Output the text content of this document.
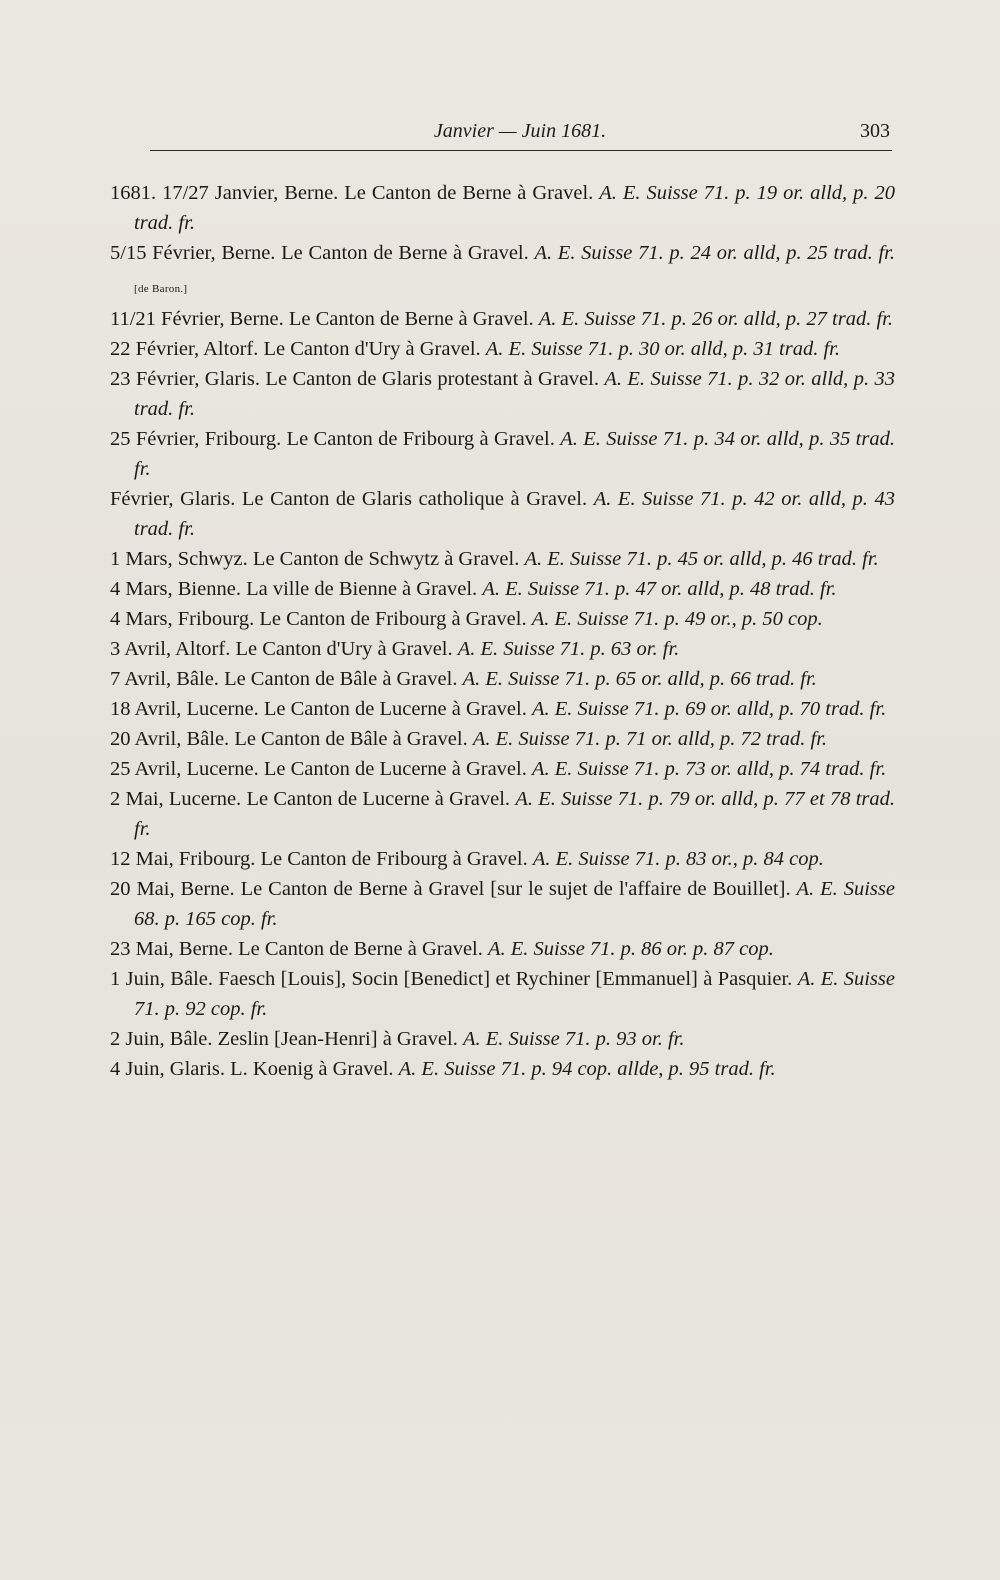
Janvier — Juin 1681.	303

1681. 17/27 Janvier, Berne. Le Canton de Berne à Gravel. A. E. Suisse 71. p. 19 or. alld, p. 20 trad. fr.

5/15 Février, Berne. Le Canton de Berne à Gravel. A. E. Suisse 71. p. 24 or. alld, p. 25 trad. fr. [de Baron.]

11/21 Février, Berne. Le Canton de Berne à Gravel. A. E. Suisse 71. p. 26 or. alld, p. 27 trad. fr.

22 Février, Altorf. Le Canton d'Ury à Gravel. A. E. Suisse 71. p. 30 or. alld, p. 31 trad. fr.

23 Février, Glaris. Le Canton de Glaris protestant à Gravel. A. E. Suisse 71. p. 32 or. alld, p. 33 trad. fr.

25 Février, Fribourg. Le Canton de Fribourg à Gravel. A. E. Suisse 71. p. 34 or. alld, p. 35 trad. fr.

Février, Glaris. Le Canton de Glaris catholique à Gravel. A. E. Suisse 71. p. 42 or. alld, p. 43 trad. fr.

1 Mars, Schwyz. Le Canton de Schwytz à Gravel. A. E. Suisse 71. p. 45 or. alld, p. 46 trad. fr.

4 Mars, Bienne. La ville de Bienne à Gravel. A. E. Suisse 71. p. 47 or. alld, p. 48 trad. fr.

4 Mars, Fribourg. Le Canton de Fribourg à Gravel. A. E. Suisse 71. p. 49 or., p. 50 cop.

3 Avril, Altorf. Le Canton d'Ury à Gravel. A. E. Suisse 71. p. 63 or. fr.

7 Avril, Bâle. Le Canton de Bâle à Gravel. A. E. Suisse 71. p. 65 or. alld, p. 66 trad. fr.

18 Avril, Lucerne. Le Canton de Lucerne à Gravel. A. E. Suisse 71. p. 69 or. alld, p. 70 trad. fr.

20 Avril, Bâle. Le Canton de Bâle à Gravel. A. E. Suisse 71. p. 71 or. alld, p. 72 trad. fr.

25 Avril, Lucerne. Le Canton de Lucerne à Gravel. A. E. Suisse 71. p. 73 or. alld, p. 74 trad. fr.

2 Mai, Lucerne. Le Canton de Lucerne à Gravel. A. E. Suisse 71. p. 79 or. alld, p. 77 et 78 trad. fr.

12 Mai, Fribourg. Le Canton de Fribourg à Gravel. A. E. Suisse 71. p. 83 or., p. 84 cop.

20 Mai, Berne. Le Canton de Berne à Gravel [sur le sujet de l'affaire de Bouillet]. A. E. Suisse 68. p. 165 cop. fr.

23 Mai, Berne. Le Canton de Berne à Gravel. A. E. Suisse 71. p. 86 or. p. 87 cop.

1 Juin, Bâle. Faesch [Louis], Socin [Benedict] et Rychiner [Emmanuel] à Pasquier. A. E. Suisse 71. p. 92 cop. fr.

2 Juin, Bâle. Zeslin [Jean-Henri] à Gravel. A. E. Suisse 71. p. 93 or. fr.

4 Juin, Glaris. L. Koenig à Gravel. A. E. Suisse 71. p. 94 cop. allde, p. 95 trad. fr.
